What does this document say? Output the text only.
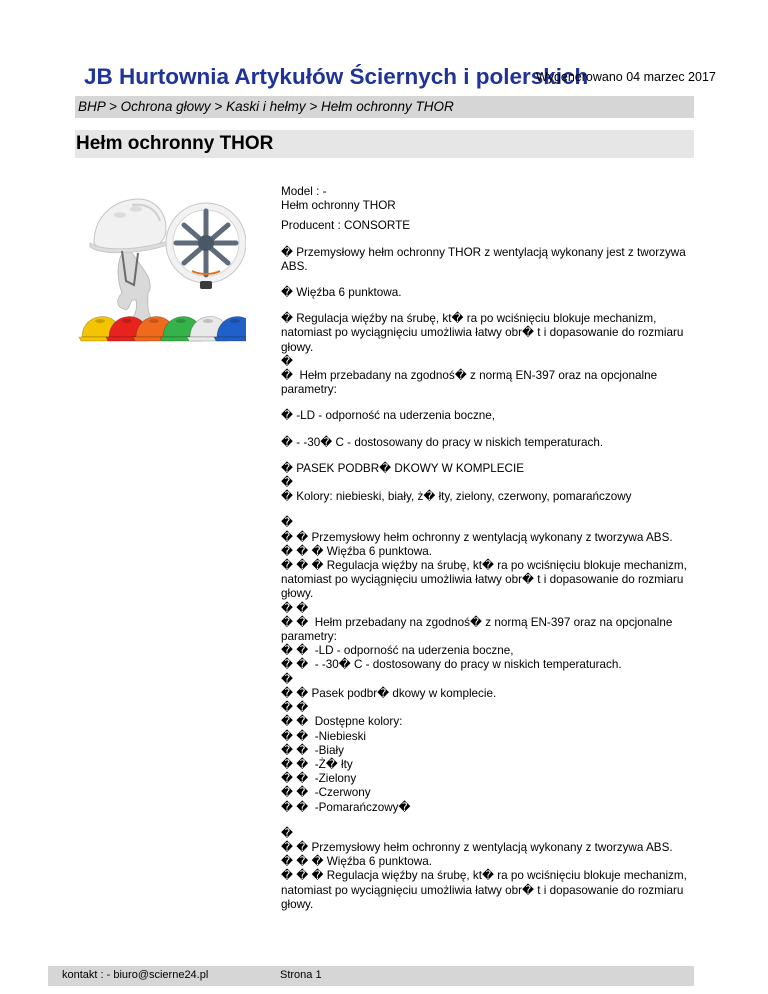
JB Hurtownia Artykułów Ściernych i polerskich
Wygenerowano 04 marzec 2017
BHP > Ochrona głowy > Kaski i hełmy > Hełm ochronny THOR
Hełm ochronny THOR

Model : -

Hełm ochronny THOR

Producent : CONSORTE

� Przemysłowy hełm ochronny THOR z wentylacją wykonany jest z tworzywa ABS.

� Więźba 6 punktowa.

� Regulacja więźby na śrubę, kt� ra po wciśnięciu blokuje mechanizm, natomiast po wyciągnięciu umożliwia łatwy obr� t i dopasowanie do rozmiaru głowy.
�
�  Hełm przebadany na zgodnoś� z normą EN-397 oraz na opcjonalne parametry:

� -LD - odporność na uderzenia boczne,

� - -30� C - dostosowany do pracy w niskich temperaturach.

� PASEK PODBR� DKOWY W KOMPLECIE
�
� Kolory: niebieski, biały, ż� łty, zielony, czerwony, pomarańczowy

�
� � Przemysłowy hełm ochronny z wentylacją wykonany z tworzywa ABS.
� � � Więźba 6 punktowa.
� � � Regulacja więźby na śrubę, kt� ra po wciśnięciu blokuje mechanizm, natomiast po wyciągnięciu umożliwia łatwy obr� t i dopasowanie do rozmiaru głowy.
� �
� �  Hełm przebadany na zgodnoś� z normą EN-397 oraz na opcjonalne parametry:
� �  -LD - odporność na uderzenia boczne,
� �  - -30� C - dostosowany do pracy w niskich temperaturach.
�
� � Pasek podbr� dkowy w komplecie.
� �
� �  Dostępne kolory:
� �  -Niebieski
� �  -Biały
� �  -Ż� łty
� �  -Zielony
� �  -Czerwony
� �  -Pomarańczowy�

�
� � Przemysłowy hełm ochronny z wentylacją wykonany z tworzywa ABS.
� � � Więźba 6 punktowa.
� � � Regulacja więźby na śrubę, kt� ra po wciśnięciu blokuje mechanizm, natomiast po wyciągnięciu umożliwia łatwy obr� t i dopasowanie do rozmiaru głowy.

kontakt : - biuro@scierne24.pl	Strona 1
